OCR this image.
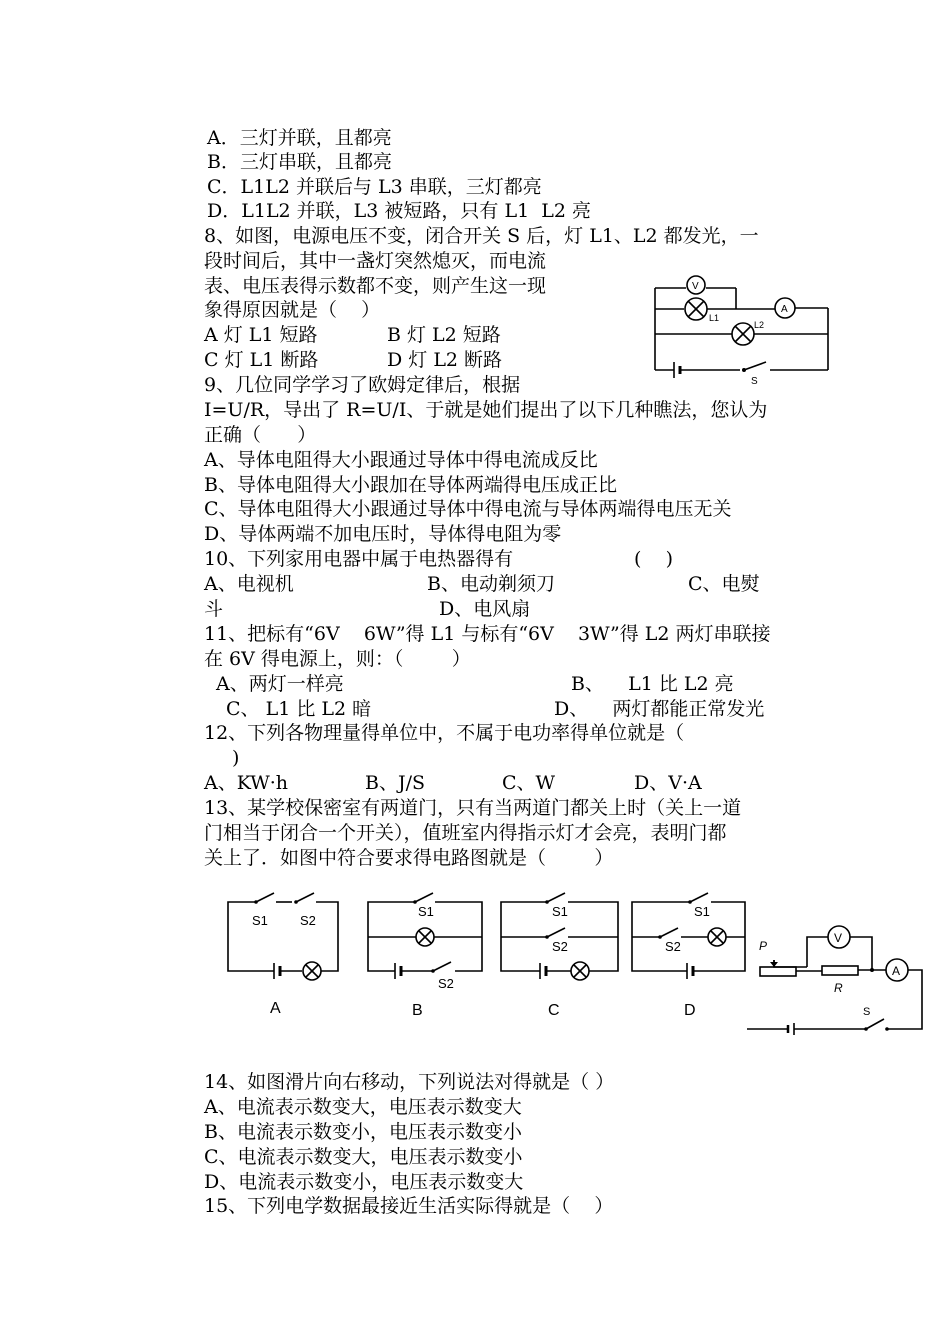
A．三灯并联，且都亮
B．三灯串联，且都亮
C．L1L2 并联后与 L3 串联，三灯都亮
D．L1L2 并联，L3 被短路，只有 L1  L2 亮
8、如图，电源电压不变，闭合开关 S 后，灯 L1、L2 都发光，一
段时间后，其中一盏灯突然熄灭，而电流
表、电压表得示数都不变，则产生这一现
象得原因就是（    ）
A 灯 L1 短路	B 灯 L2 短路
C 灯 L1 断路	D 灯 L2 断路
V
L1
A
L2
S
9、几位同学学习了欧姆定律后，根据
I=U/R，导出了 R=U/I、于就是她们提出了以下几种瞧法，您认为
正确（      ）
A、导体电阻得大小跟通过导体中得电流成反比
B、导体电阻得大小跟加在导体两端得电压成正比
C、导体电阻得大小跟通过导体中得电流与导体两端得电压无关
D、导体两端不加电压时，导体得电阻为零
10、下列家用电器中属于电热器得有	(    )
A、电视机	B、电动剃须刀	C、电熨
斗	D、电风扇
11、把标有“6V    6W”得 L1 与标有“6V    3W”得 L2 两灯串联接
在 6V 得电源上，则：（        ）
A、两灯一样亮	B、    L1 比 L2 亮
C、 L1 比 L2 暗	D、    两灯都能正常发光
12、下列各物理量得单位中，不属于电功率得单位就是（
)
A、KW·h	B、J/S	C、W	D、V·A
13、某学校保密室有两道门，只有当两道门都关上时（关上一道
门相当于闭合一个开关），值班室内得指示灯才会亮，表明门都
关上了．如图中符合要求得电路图就是（        ）
S1 S2
A
S1
S2
B
S1
S2
C
S1
S2
D
V
P
R
A
S
14、如图滑片向右移动，下列说法对得就是（ ）
A、电流表示数变大，电压表示数变大
B、电流表示数变小，电压表示数变小
C、电流表示数变大，电压表示数变小
D、电流表示数变小，电压表示数变大
15、下列电学数据最接近生活实际得就是（    ）
